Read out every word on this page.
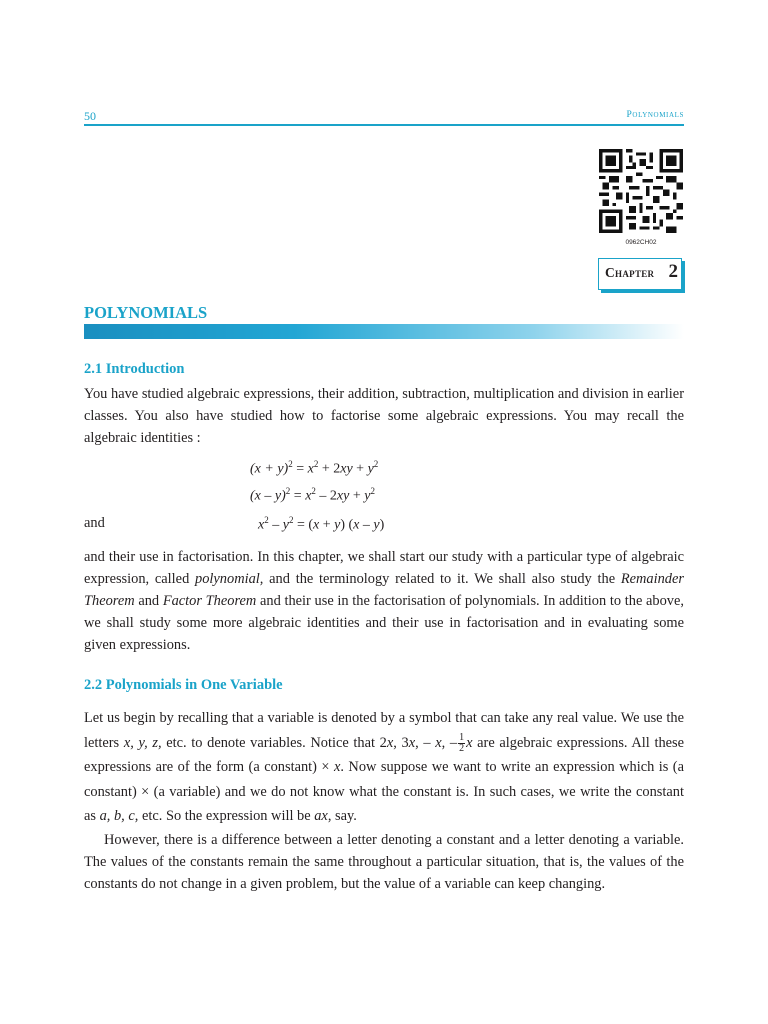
50	Polynomials
0962CH02
Chapter 2
POLYNOMIALS
2.1 Introduction
You have studied algebraic expressions, their addition, subtraction, multiplication and division in earlier classes. You also have studied how to factorise some algebraic expressions. You may recall the algebraic identities :
$(x + y)^2 = x^2 + 2xy + y^2$
$(x - y)^2 = x^2 - 2xy + y^2$
and	$x^2 - y^2 = (x + y)$ (x – y)
and their use in factorisation. In this chapter, we shall start our study with a particular type of algebraic expression, called polynomial, and the terminology related to it. We shall also study the Remainder Theorem and Factor Theorem and their use in the factorisation of polynomials. In addition to the above, we shall study some more algebraic identities and their use in factorisation and in evaluating some given expressions.
2.2 Polynomials in One Variable
Let us begin by recalling that a variable is denoted by a symbol that can take any real value. We use the letters x, y, z, etc. to denote variables. Notice that 2x, 3x, – x, – $\frac{1}{2}$ x are algebraic expressions. All these expressions are of the form (a constant) × x. Now suppose we want to write an expression which is (a constant) × (a variable) and we do not know what the constant is. In such cases, we write the constant as a, b, c, etc. So the expression will be ax, say.
However, there is a difference between a letter denoting a constant and a letter denoting a variable. The values of the constants remain the same throughout a particular situation, that is, the values of the constants do not change in a given problem, but the value of a variable can keep changing.
